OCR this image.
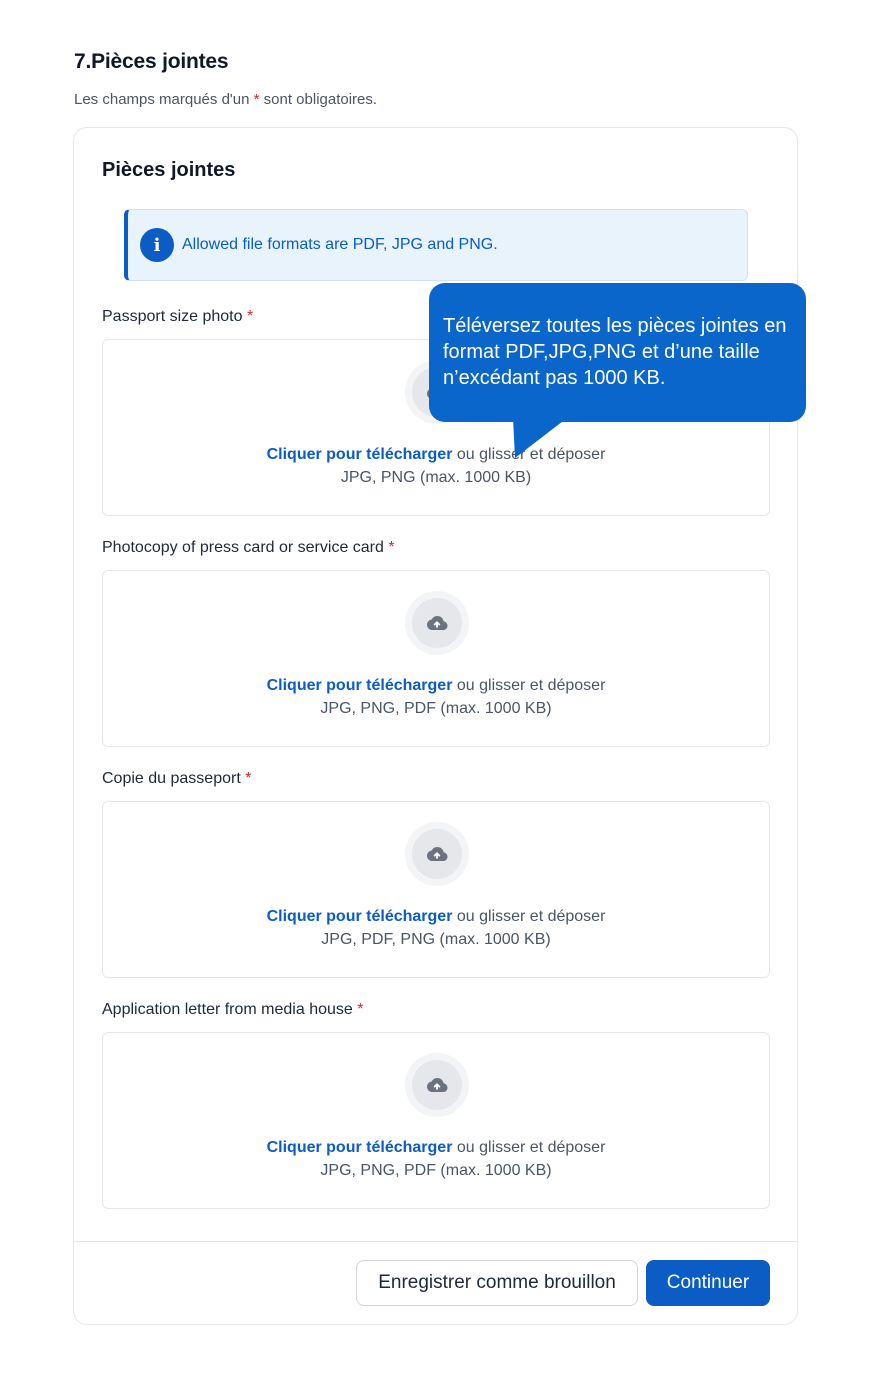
7.Pièces jointes
Les champs marqués d'un * sont obligatoires.
Pièces jointes
i	Allowed file formats are PDF, JPG and PNG.
Passport size photo *
Cliquer pour télécharger ou glisser et déposer
JPG, PNG (max. 1000 KB)
Photocopy of press card or service card *
Cliquer pour télécharger ou glisser et déposer
JPG, PNG, PDF (max. 1000 KB)
Copie du passeport *
Cliquer pour télécharger ou glisser et déposer
JPG, PDF, PNG (max. 1000 KB)
Application letter from media house *
Cliquer pour télécharger ou glisser et déposer
JPG, PNG, PDF (max. 1000 KB)
Enregistrer comme brouillon	Continuer
Téléversez toutes les pièces jointes en format PDF,JPG,PNG et d’une taille n’excédant pas 1000 KB.
